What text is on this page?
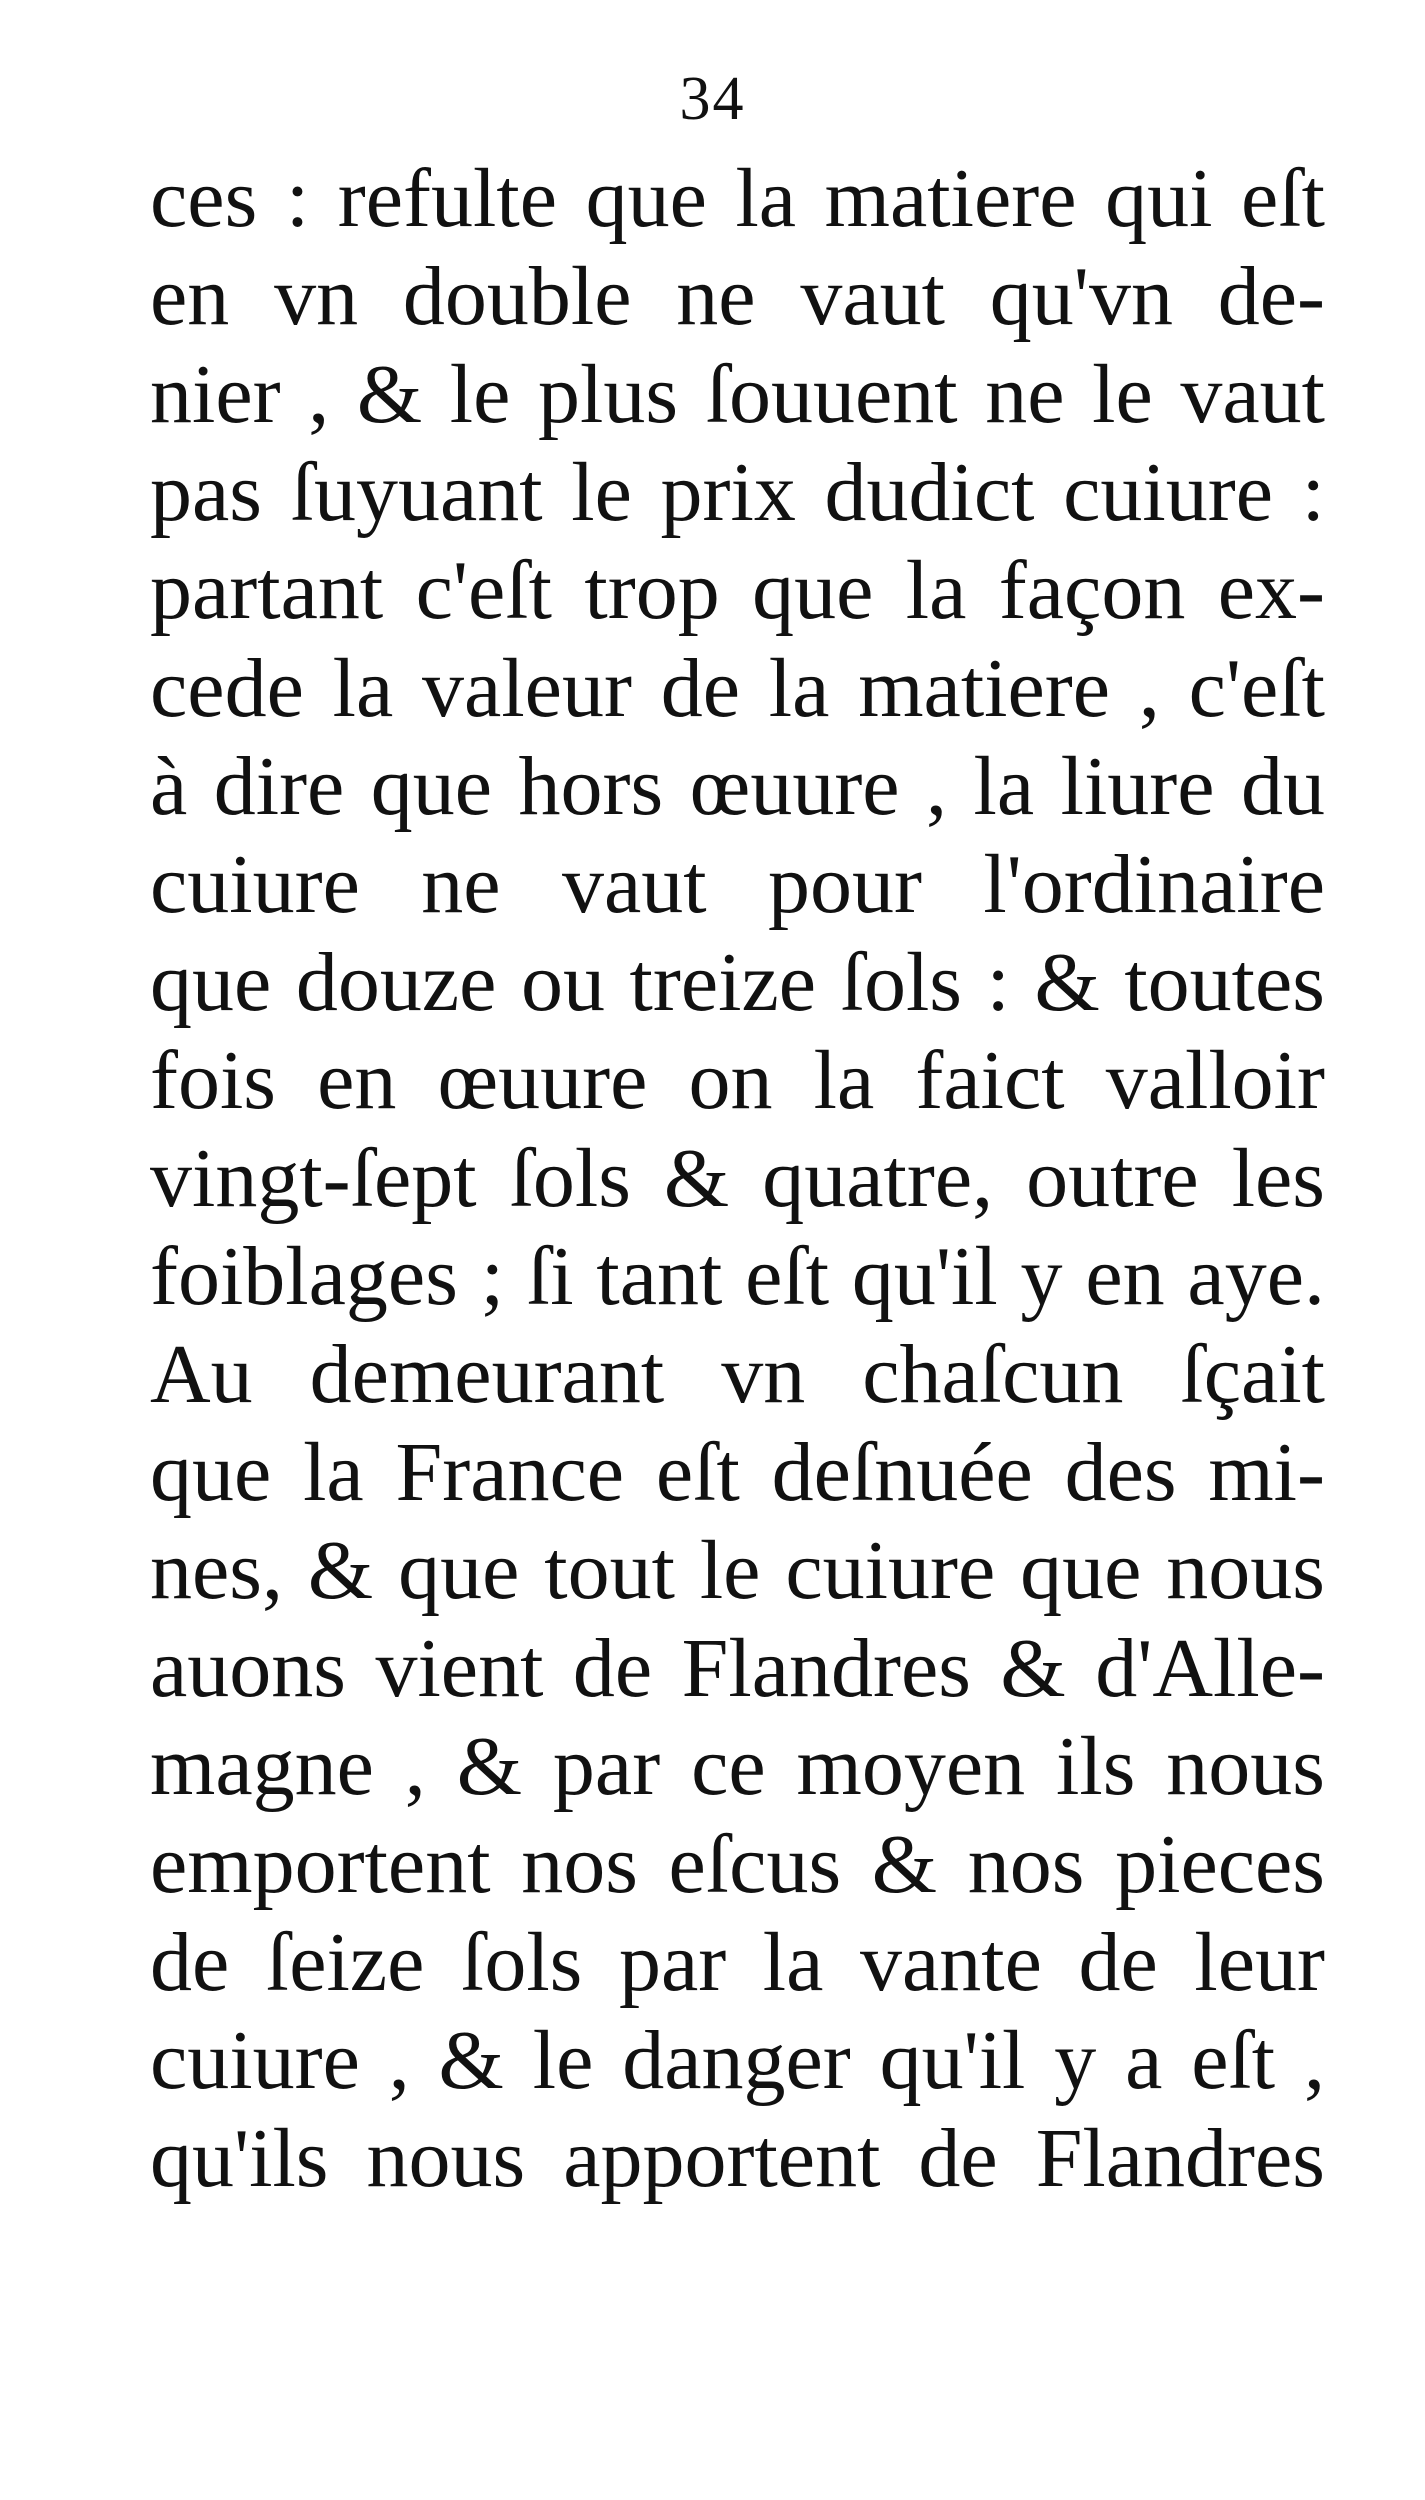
34
ces : refulte que la matiere qui eſt
en vn double ne vaut qu'vn de-
nier , & le plus ſouuent ne le vaut
pas ſuyuant le prix dudict cuiure :
partant c'eſt trop que la façon ex-
cede la valeur de la matiere , c'eſt
à dire que hors œuure , la liure du
cuiure ne vaut pour l'ordinaire
que douze ou treize ſols : & toutes
fois en œuure on la faict valloir
vingt-ſept ſols & quatre, outre les
foiblages ; ſi tant eſt qu'il y en aye.
Au demeurant vn chaſcun ſçait
que la France eſt deſnuée des mi-
nes, & que tout le cuiure que nous
auons vient de Flandres & d'Alle-
magne , & par ce moyen ils nous
emportent nos eſcus & nos pieces
de ſeize ſols par la vante de leur
cuiure , & le danger qu'il y a eſt ,
qu'ils nous apportent de Flandres
